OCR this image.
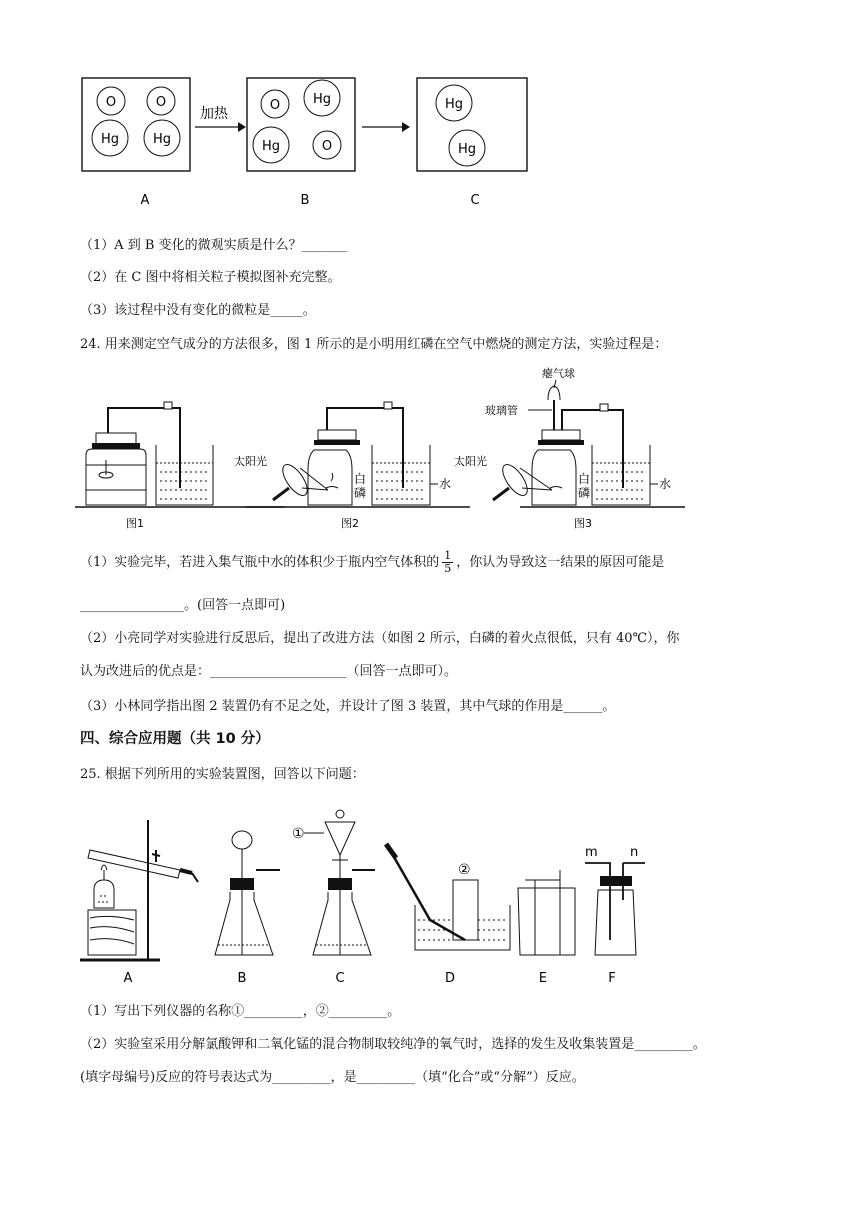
O	O
Hg	Hg
加热
O	Hg
Hg	O
Hg
Hg
A	B	C
（1）A 到 B 变化的微观实质是什么？_______
（2）在 C 图中将相关粒子模拟图补充完整。
（3）该过程中没有变化的微粒是_____。
24. 用来测定空气成分的方法很多，图 1 所示的是小明用红磷在空气中燃烧的测定方法，实验过程是：
图1
水
太阳光
白
磷
图2
水
瘪气球
玻璃管
太阳光
白
磷
图3
（1）实验完毕，若进入集气瓶中水的体积少于瓶内空气体积的 $\frac{1}{5}$ ，你认为导致这一结果的原因可能是
________________。(回答一点即可)
（2）小亮同学对实验进行反思后，提出了改进方法（如图 2 所示，白磷的着火点很低，只有 40℃），你
认为改进后的优点是：_____________________（回答一点即可）。
（3）小林同学指出图 2 装置仍有不足之处，并设计了图 3 装置，其中气球的作用是______。
四、综合应用题（共 10 分）
25. 根据下列所用的实验装置图，回答以下问题：
A	B
①
C
②
D	E
m n
F
（1）写出下列仪器的名称①_________，②_________。
（2）实验室采用分解氯酸钾和二氧化锰的混合物制取较纯净的氧气时，选择的发生及收集装置是_________。
(填字母编号)反应的符号表达式为_________，是_________（填“化合”或“分解”）反应。
